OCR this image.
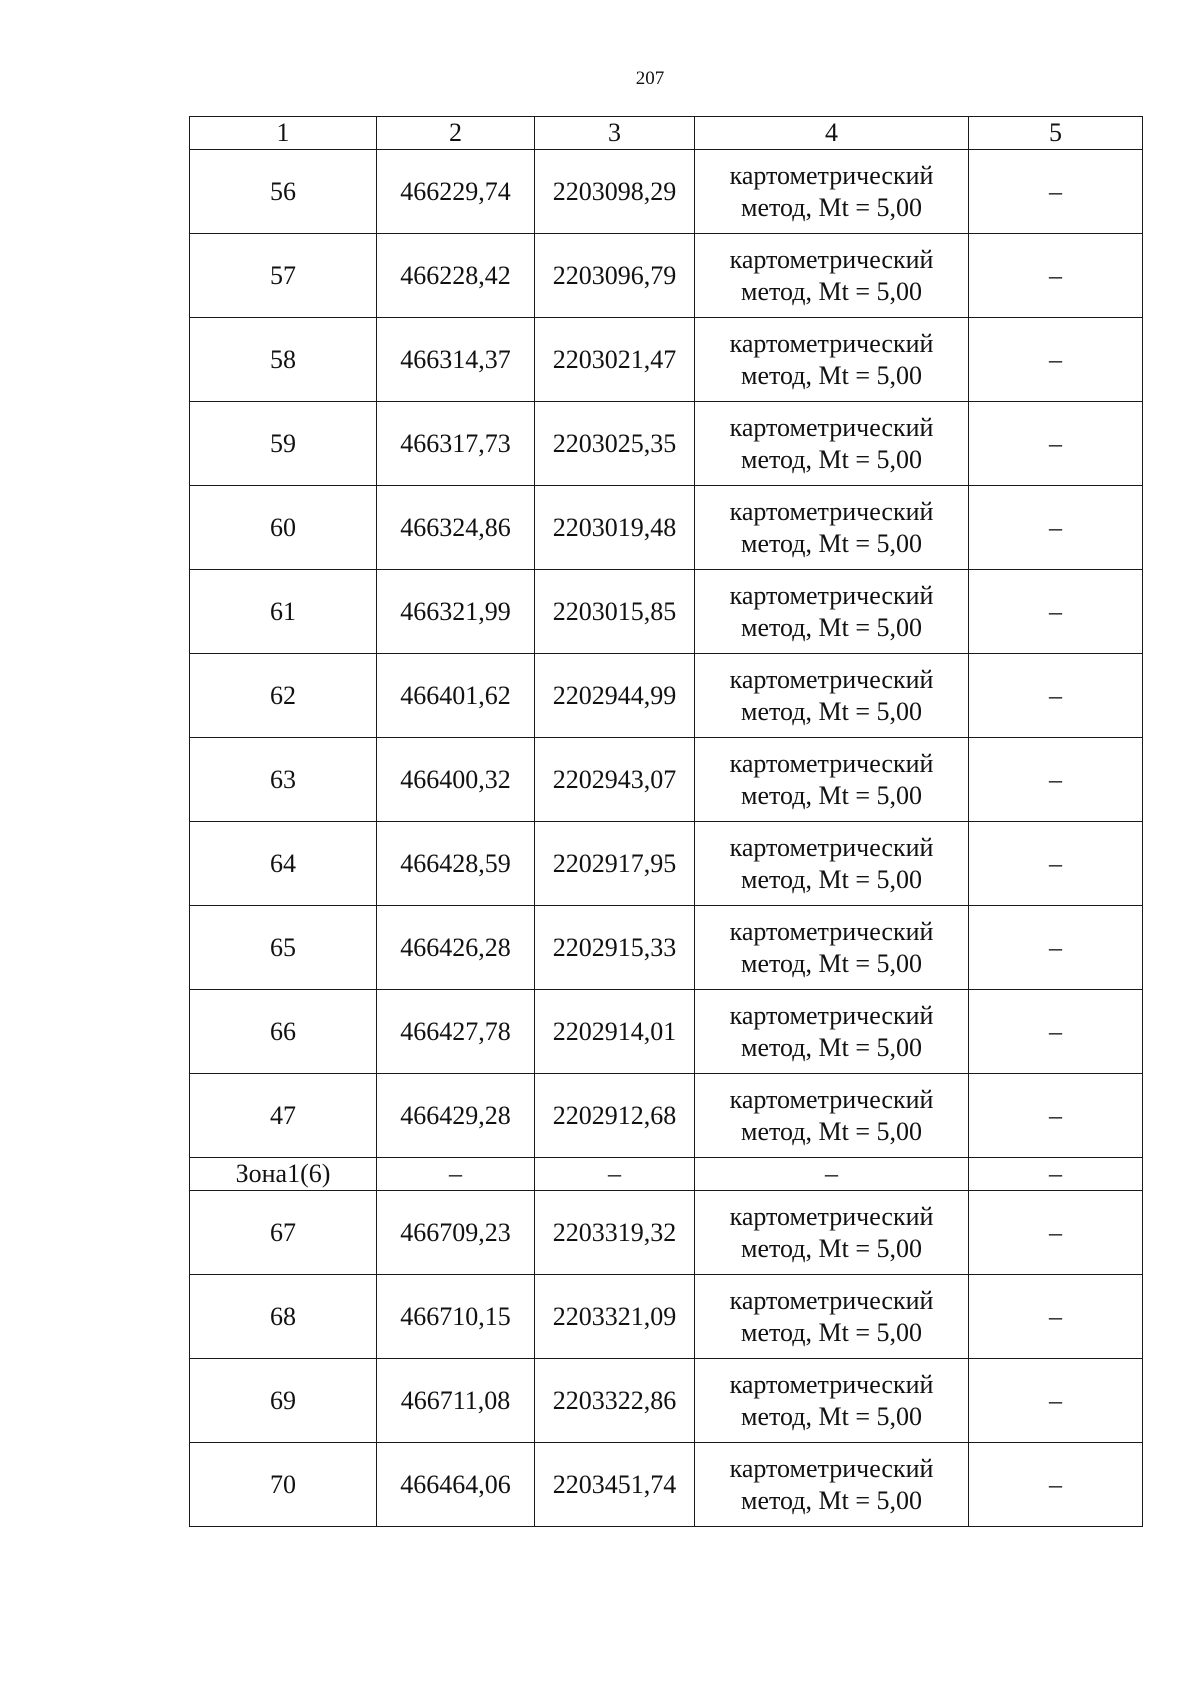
207
1	2	3	4	5
56	466229,74	2203098,29	картометрический
метод, Mt = 5,00	–
57	466228,42	2203096,79	картометрический
метод, Mt = 5,00	–
58	466314,37	2203021,47	картометрический
метод, Mt = 5,00	–
59	466317,73	2203025,35	картометрический
метод, Mt = 5,00	–
60	466324,86	2203019,48	картометрический
метод, Mt = 5,00	–
61	466321,99	2203015,85	картометрический
метод, Mt = 5,00	–
62	466401,62	2202944,99	картометрический
метод, Mt = 5,00	–
63	466400,32	2202943,07	картометрический
метод, Mt = 5,00	–
64	466428,59	2202917,95	картометрический
метод, Mt = 5,00	–
65	466426,28	2202915,33	картометрический
метод, Mt = 5,00	–
66	466427,78	2202914,01	картометрический
метод, Mt = 5,00	–
47	466429,28	2202912,68	картометрический
метод, Mt = 5,00	–
Зона1(6)	–	–	–	–
67	466709,23	2203319,32	картометрический
метод, Mt = 5,00	–
68	466710,15	2203321,09	картометрический
метод, Mt = 5,00	–
69	466711,08	2203322,86	картометрический
метод, Mt = 5,00	–
70	466464,06	2203451,74	картометрический
метод, Mt = 5,00	–
